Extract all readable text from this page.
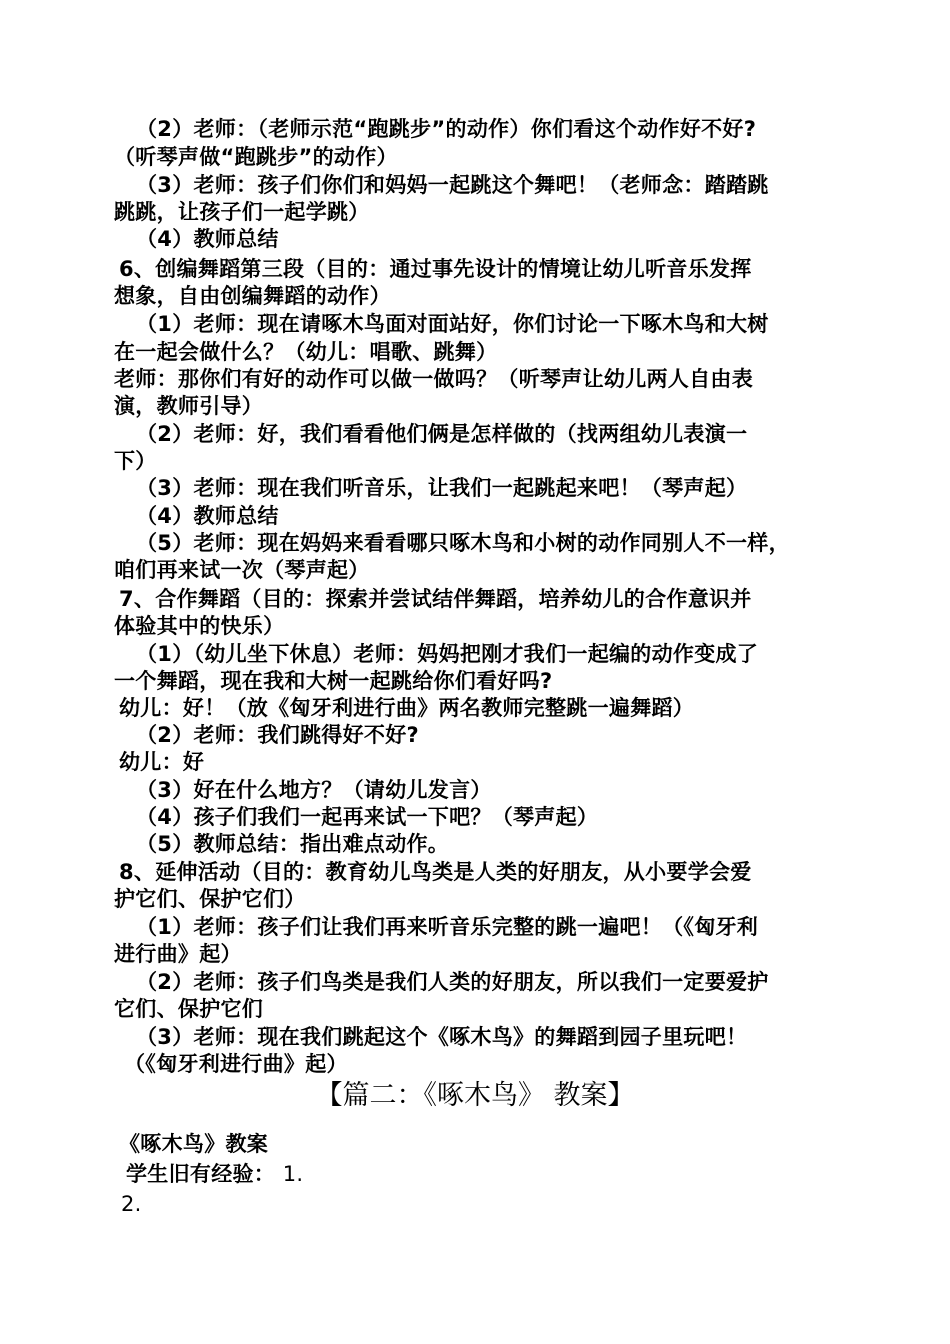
（2）老师：（老师示范“跑跳步”的动作）你们看这个动作好不好?
（听琴声做“跑跳步”的动作）
（3）老师：孩子们你们和妈妈一起跳这个舞吧！（老师念：踏踏跳
跳跳，让孩子们一起学跳）
（4）教师总结
6、创编舞蹈第三段（目的：通过事先设计的情境让幼儿听音乐发挥
想象，自由创编舞蹈的动作）
（1）老师：现在请啄木鸟面对面站好，你们讨论一下啄木鸟和大树
在一起会做什么？（幼儿：唱歌、跳舞）
老师：那你们有好的动作可以做一做吗？（听琴声让幼儿两人自由表
演，教师引导）
（2）老师：好，我们看看他们俩是怎样做的（找两组幼儿表演一
下）
（3）老师：现在我们听音乐，让我们一起跳起来吧！（琴声起）
（4）教师总结
（5）老师：现在妈妈来看看哪只啄木鸟和小树的动作同别人不一样，
咱们再来试一次（琴声起）
7、合作舞蹈（目的：探索并尝试结伴舞蹈，培养幼儿的合作意识并
体验其中的快乐）
（1）（幼儿坐下休息）老师：妈妈把刚才我们一起编的动作变成了
一个舞蹈，现在我和大树一起跳给你们看好吗?
幼儿：好！（放《匈牙利进行曲》两名教师完整跳一遍舞蹈）
（2）老师：我们跳得好不好?
幼儿：好
（3）好在什么地方？（请幼儿发言）
（4）孩子们我们一起再来试一下吧？（琴声起）
（5）教师总结：指出难点动作。
8、延伸活动（目的：教育幼儿鸟类是人类的好朋友，从小要学会爱
护它们、保护它们）
（1）老师：孩子们让我们再来听音乐完整的跳一遍吧！（《匈牙利
进行曲》起）
（2）老师：孩子们鸟类是我们人类的好朋友，所以我们一定要爱护
它们、保护它们
（3）老师：现在我们跳起这个《啄木鸟》的舞蹈到园子里玩吧！
（《匈牙利进行曲》起）
【篇二：《啄木鸟》 教案】
《啄木鸟》教案
学生旧有经验： 1.
2.
